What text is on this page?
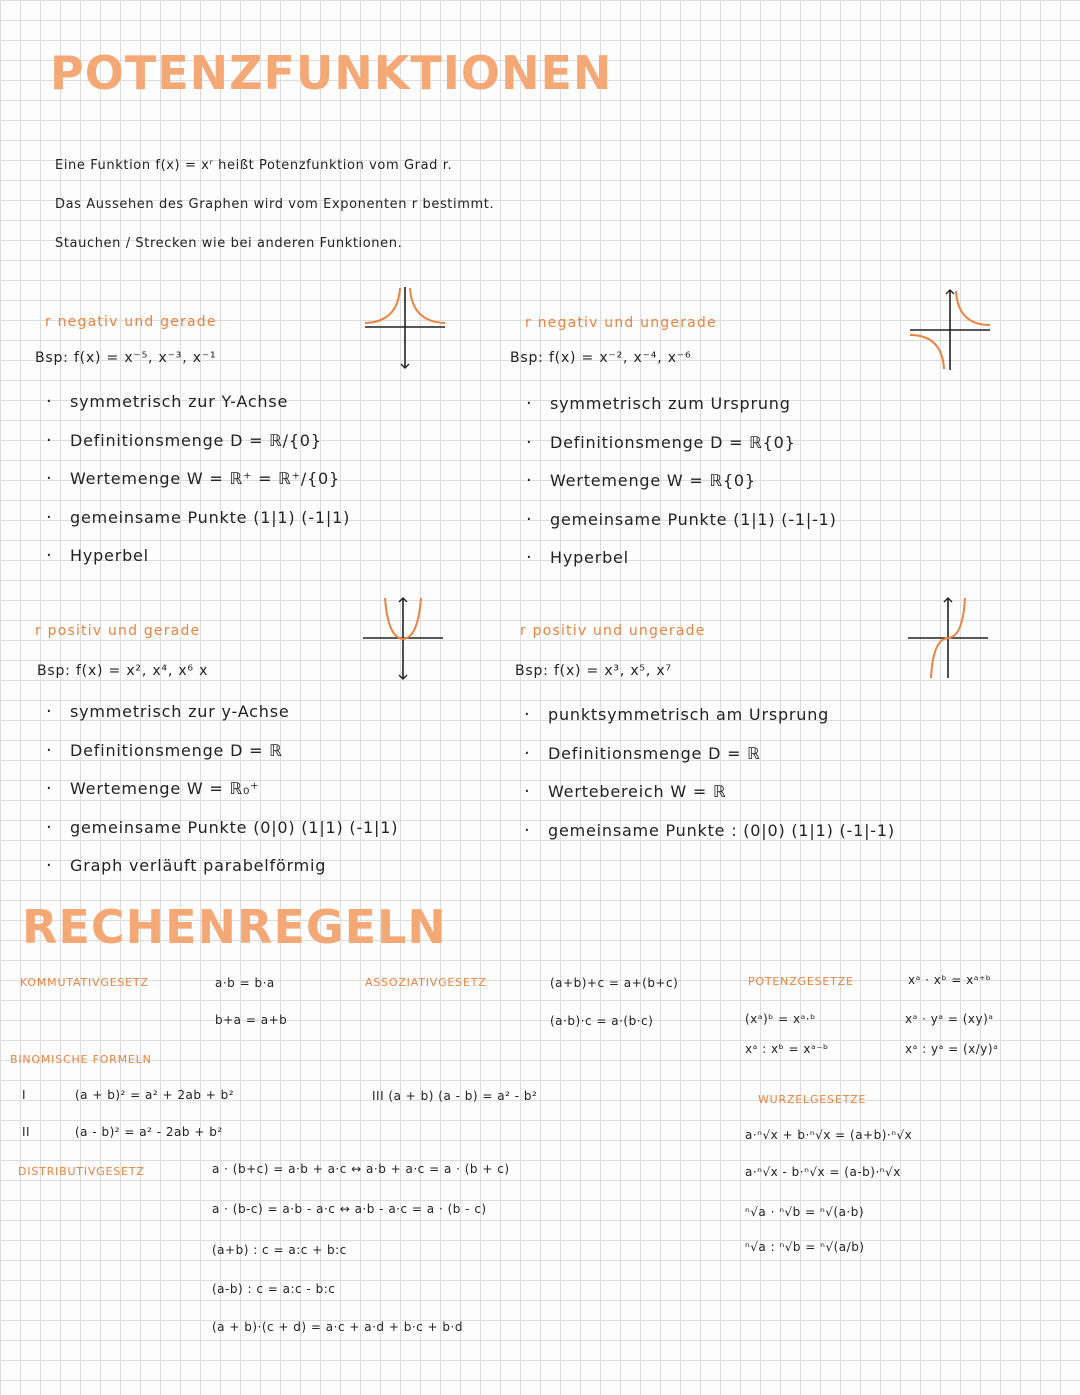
POTENZFUNKTIONEN
Eine Funktion f(x) = xʳ heißt Potenzfunktion vom Grad r.
Das Aussehen des Graphen wird vom Exponenten r bestimmt.
Stauchen / Strecken wie bei anderen Funktionen.
r negativ und gerade
Bsp: f(x) = x⁻⁵, x⁻³, x⁻¹
· symmetrisch zur Y-Achse
· Definitionsmenge D = ℝ/{0}
· Wertemenge W = ℝ⁺ = ℝ⁺/{0}
· gemeinsame Punkte (1|1) (-1|1)
· Hyperbel
r negativ und ungerade
Bsp: f(x) = x⁻², x⁻⁴, x⁻⁶
· symmetrisch zum Ursprung
· Definitionsmenge D = ℝ{0}
· Wertemenge W = ℝ{0}
· gemeinsame Punkte (1|1) (-1|-1)
· Hyperbel
r positiv und gerade
Bsp: f(x) = x², x⁴, x⁶ x
· symmetrisch zur y-Achse
· Definitionsmenge D = ℝ
· Wertemenge W = ℝ₀⁺
· gemeinsame Punkte (0|0) (1|1) (-1|1)
· Graph verläuft parabelförmig
r positiv und ungerade
Bsp: f(x) = x³, x⁵, x⁷
· punktsymmetrisch am Ursprung
· Definitionsmenge D = ℝ
· Wertebereich W = ℝ
· gemeinsame Punkte : (0|0) (1|1) (-1|-1)
RECHENREGELN
KOMMUTATIVGESETZ	a·b = b·a
b+a = a+b
ASSOZIATIVGESETZ	(a+b)+c = a+(b+c)
(a·b)·c = a·(b·c)
BINOMISCHE FORMELN
I	(a + b)² = a² + 2ab + b²
II	(a - b)² = a² - 2ab + b²
III (a + b) (a - b) = a² - b²
DISTRIBUTIVGESETZ	a · (b+c) = a·b + a·c ↔ a·b + a·c = a · (b + c)
a · (b-c) = a·b - a·c ↔ a·b - a·c = a · (b - c)
(a+b) : c = a:c + b:c
(a-b) : c = a:c - b:c
(a + b)·(c + d) = a·c + a·d + b·c + b·d
POTENZGESETZE	xᵃ · xᵇ = xᵃ⁺ᵇ
(xᵃ)ᵇ = xᵃ·ᵇ	xᵃ · yᵃ = (xy)ᵃ
xᵃ : xᵇ = xᵃ⁻ᵇ	xᵃ : yᵃ = (x/y)ᵃ
WURZELGESETZE
a·ⁿ√x + b·ⁿ√x = (a+b)·ⁿ√x
a·ⁿ√x - b·ⁿ√x = (a-b)·ⁿ√x
ⁿ√a · ⁿ√b = ⁿ√(a·b)
ⁿ√a : ⁿ√b = ⁿ√(a/b)
